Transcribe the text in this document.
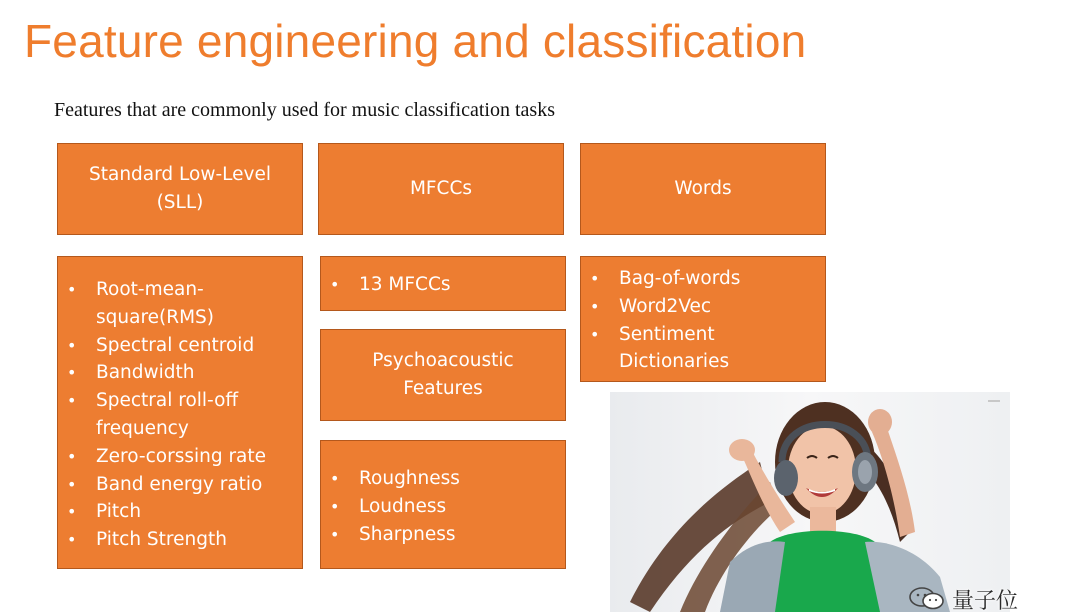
Feature engineering and classification
Features that are commonly used for music classification tasks
Standard Low-Level (SLL)
MFCCs	Words
• Root-mean-square(RMS)
• Spectral centroid
• Bandwidth
• Spectral roll-off frequency
• Zero-corssing rate
• Band energy ratio
• Pitch
• Pitch Strength
• 13 MFCCs
Psychoacoustic Features
• Roughness
• Loudness
• Sharpness
• Bag-of-words
• Word2Vec
• Sentiment Dictionaries
量子位
